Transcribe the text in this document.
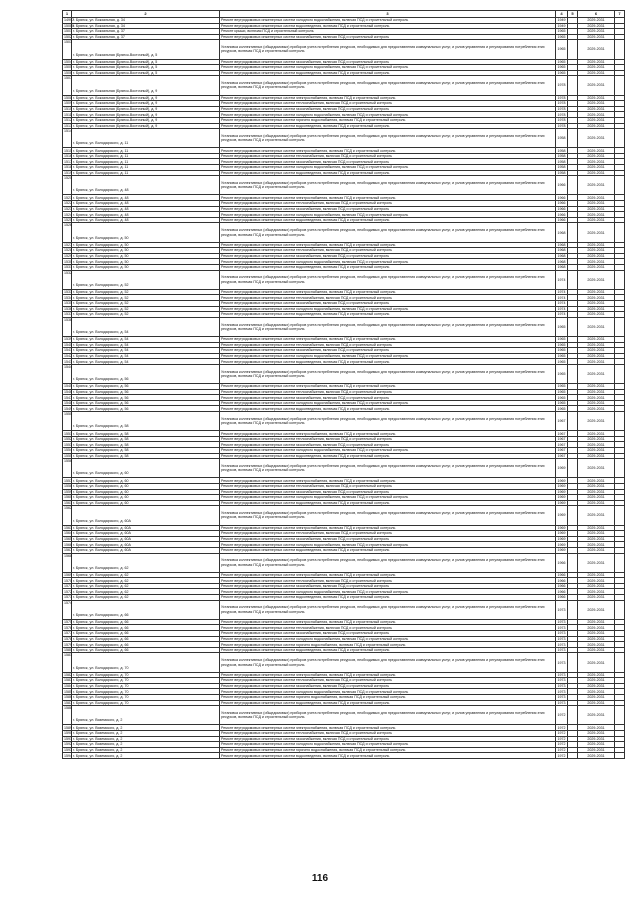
1	2	3	4	5	6	7
14997	г. Брянск, ул. Вокзальная, д. 34	Ремонт внутридомовых инженерных систем холодного водоснабжения, включая ПСД и строительный контроль	1949		2029-2031	
15000	г. Брянск, ул. Вокзальная, д. 34	Ремонт внутридомовых инженерных систем водоотведения, включая ПСД и строительный контроль	1949		2029-2031	
1501	г. Брянск, ул. Вокзальная, д. 37	Ремонт крыши, включая ПСД и строительный контроль	1965		2029-2031	
1502	г. Брянск, ул. Вокзальная, д. 37	Ремонт внутридомовых инженерных систем газоснабжения, включая ПСД и строительный контроль	1965		2029-2031	
1503	г. Брянск, ул. Вокзальная (Брянск-Восточный), д. 5	Установка коллективных (общедомовых) приборов учета потребления ресурсов, необходимых для предоставления коммунальных услуг, и узлов управления и регулирования потребления этих ресурсов, включая ПСД и строительный контроль	1965		2029-2031	
1504	г. Брянск, ул. Вокзальная (Брянск-Восточный), д. 5	Ремонт внутридомовых инженерных систем газоснабжения, включая ПСД и строительный контроль	1965		2029-2031	
1505	г. Брянск, ул. Вокзальная (Брянск-Восточный), д. 5	Ремонт внутридомовых инженерных систем холодного водоснабжения, включая ПСД и строительный контроль	1965		2029-2031	
1506	г. Брянск, ул. Вокзальная (Брянск-Восточный), д. 5	Ремонт внутридомовых инженерных систем водоотведения, включая ПСД и строительный контроль	1965		2029-2031	
1507	г. Брянск, ул. Вокзальная (Брянск-Восточный), д. 9	Установка коллективных (общедомовых) приборов учета потребления ресурсов, необходимых для предоставления коммунальных услуг, и узлов управления и регулирования потребления этих ресурсов, включая ПСД и строительный контроль	1978		2029-2031	
1508	г. Брянск, ул. Вокзальная (Брянск-Восточный), д. 9	Ремонт внутридомовых инженерных систем электроснабжения, включая ПСД и строительный контроль	1978		2029-2031	
1509	г. Брянск, ул. Вокзальная (Брянск-Восточный), д. 9	Ремонт внутридомовых инженерных систем теплоснабжения, включая ПСД и строительный контроль	1978		2029-2031	
1510	г. Брянск, ул. Вокзальная (Брянск-Восточный), д. 9	Ремонт внутридомовых инженерных систем газоснабжения, включая ПСД и строительный контроль	1978		2029-2031	
1511	г. Брянск, ул. Вокзальная (Брянск-Восточный), д. 9	Ремонт внутридомовых инженерных систем холодного водоснабжения, включая ПСД и строительный контроль	1978		2029-2031	
1512	г. Брянск, ул. Вокзальная (Брянск-Восточный), д. 9	Ремонт внутридомовых инженерных систем горячего водоснабжения, включая ПСД и строительный контроль	1978		2029-2031	
1513	г. Брянск, ул. Вокзальная (Брянск-Восточный), д. 9	Ремонт внутридомовых инженерных систем водоотведения, включая ПСД и строительный контроль	1978		2029-2031	
1514	г. Брянск, ул. Володарского, д. 11	Установка коллективных (общедомовых) приборов учета потребления ресурсов, необходимых для предоставления коммунальных услуг, и узлов управления и регулирования потребления этих ресурсов, включая ПСД и строительный контроль	1958		2029-2031	
1515	г. Брянск, ул. Володарского, д. 11	Ремонт внутридомовых инженерных систем электроснабжения, включая ПСД и строительный контроль	1958		2029-2031	
1516	г. Брянск, ул. Володарского, д. 11	Ремонт внутридомовых инженерных систем теплоснабжения, включая ПСД и строительный контроль	1958		2029-2031	
1517	г. Брянск, ул. Володарского, д. 11	Ремонт внутридомовых инженерных систем газоснабжения, включая ПСД и строительный контроль	1958		2029-2031	
1518	г. Брянск, ул. Володарского, д. 11	Ремонт внутридомовых инженерных систем холодного водоснабжения, включая ПСД и строительный контроль	1958		2029-2031	
1519	г. Брянск, ул. Володарского, д. 11	Ремонт внутридомовых инженерных систем водоотведения, включая ПСД и строительный контроль	1958		2029-2031	
1520	г. Брянск, ул. Володарского, д. 48	Установка коллективных (общедомовых) приборов учета потребления ресурсов, необходимых для предоставления коммунальных услуг, и узлов управления и регулирования потребления этих ресурсов, включая ПСД и строительный контроль	1966		2029-2031	
1521	г. Брянск, ул. Володарского, д. 48	Ремонт внутридомовых инженерных систем электроснабжения, включая ПСД и строительный контроль	1966		2029-2031	
1522	г. Брянск, ул. Володарского, д. 48	Ремонт внутридомовых инженерных систем теплоснабжения, включая ПСД и строительный контроль	1966		2029-2031	
1523	г. Брянск, ул. Володарского, д. 48	Ремонт внутридомовых инженерных систем газоснабжения, включая ПСД и строительный контроль	1966		2029-2031	
1524	г. Брянск, ул. Володарского, д. 48	Ремонт внутридомовых инженерных систем холодного водоснабжения, включая ПСД и строительный контроль	1966		2029-2031	
1525	г. Брянск, ул. Володарского, д. 48	Ремонт внутридомовых инженерных систем водоотведения, включая ПСД и строительный контроль	1966		2029-2031	
1526	г. Брянск, ул. Володарского, д. 50	Установка коллективных (общедомовых) приборов учета потребления ресурсов, необходимых для предоставления коммунальных услуг, и узлов управления и регулирования потребления этих ресурсов, включая ПСД и строительный контроль	1968		2029-2031	
1527	г. Брянск, ул. Володарского, д. 50	Ремонт внутридомовых инженерных систем электроснабжения, включая ПСД и строительный контроль	1968		2029-2031	
1528	г. Брянск, ул. Володарского, д. 50	Ремонт внутридомовых инженерных систем теплоснабжения, включая ПСД и строительный контроль	1968		2029-2031	
1529	г. Брянск, ул. Володарского, д. 50	Ремонт внутридомовых инженерных систем газоснабжения, включая ПСД и строительный контроль	1968		2029-2031	
1530	г. Брянск, ул. Володарского, д. 50	Ремонт внутридомовых инженерных систем холодного водоснабжения, включая ПСД и строительный контроль	1968		2029-2031	
1531	г. Брянск, ул. Володарского, д. 50	Ремонт внутридомовых инженерных систем водоотведения, включая ПСД и строительный контроль	1968		2029-2031	
1532	г. Брянск, ул. Володарского, д. 52	Установка коллективных (общедомовых) приборов учета потребления ресурсов, необходимых для предоставления коммунальных услуг, и узлов управления и регулирования потребления этих ресурсов, включая ПСД и строительный контроль	1974		2029-2031	
1533	г. Брянск, ул. Володарского, д. 52	Ремонт внутридомовых инженерных систем электроснабжения, включая ПСД и строительный контроль	1974		2029-2031	
1534	г. Брянск, ул. Володарского, д. 52	Ремонт внутридомовых инженерных систем теплоснабжения, включая ПСД и строительный контроль	1974		2029-2031	
1535	г. Брянск, ул. Володарского, д. 52	Ремонт внутридомовых инженерных систем газоснабжения, включая ПСД и строительный контроль	1974		2029-2031	
1536	г. Брянск, ул. Володарского, д. 52	Ремонт внутридомовых инженерных систем холодного водоснабжения, включая ПСД и строительный контроль	1974		2029-2031	
1537	г. Брянск, ул. Володарского, д. 52	Ремонт внутридомовых инженерных систем водоотведения, включая ПСД и строительный контроль	1974		2029-2031	
1538	г. Брянск, ул. Володарского, д. 54	Установка коллективных (общедомовых) приборов учета потребления ресурсов, необходимых для предоставления коммунальных услуг, и узлов управления и регулирования потребления этих ресурсов, включая ПСД и строительный контроль	1965		2029-2031	
1539	г. Брянск, ул. Володарского, д. 54	Ремонт внутридомовых инженерных систем электроснабжения, включая ПСД и строительный контроль	1965		2029-2031	
1540	г. Брянск, ул. Володарского, д. 54	Ремонт внутридомовых инженерных систем теплоснабжения, включая ПСД и строительный контроль	1965		2029-2031	
1541	г. Брянск, ул. Володарского, д. 54	Ремонт внутридомовых инженерных систем газоснабжения, включая ПСД и строительный контроль	1965		2029-2031	
1542	г. Брянск, ул. Володарского, д. 54	Ремонт внутридомовых инженерных систем холодного водоснабжения, включая ПСД и строительный контроль	1965		2029-2031	
1543	г. Брянск, ул. Володарского, д. 54	Ремонт внутридомовых инженерных систем водоотведения, включая ПСД и строительный контроль	1965		2029-2031	
1544	г. Брянск, ул. Володарского, д. 56	Установка коллективных (общедомовых) приборов учета потребления ресурсов, необходимых для предоставления коммунальных услуг, и узлов управления и регулирования потребления этих ресурсов, включая ПСД и строительный контроль	1965		2029-2031	
1545	г. Брянск, ул. Володарского, д. 56	Ремонт внутридомовых инженерных систем электроснабжения, включая ПСД и строительный контроль	1965		2029-2031	
1546	г. Брянск, ул. Володарского, д. 56	Ремонт внутридомовых инженерных систем теплоснабжения, включая ПСД и строительный контроль	1965		2029-2031	
1547	г. Брянск, ул. Володарского, д. 56	Ремонт внутридомовых инженерных систем газоснабжения, включая ПСД и строительный контроль	1965		2029-2031	
1548	г. Брянск, ул. Володарского, д. 56	Ремонт внутридомовых инженерных систем холодного водоснабжения, включая ПСД и строительный контроль	1965		2029-2031	
1549	г. Брянск, ул. Володарского, д. 56	Ремонт внутридомовых инженерных систем водоотведения, включая ПСД и строительный контроль	1965		2029-2031	
1550	г. Брянск, ул. Володарского, д. 58	Установка коллективных (общедомовых) приборов учета потребления ресурсов, необходимых для предоставления коммунальных услуг, и узлов управления и регулирования потребления этих ресурсов, включая ПСД и строительный контроль	1967		2029-2031	
1551	г. Брянск, ул. Володарского, д. 58	Ремонт внутридомовых инженерных систем электроснабжения, включая ПСД и строительный контроль	1967		2029-2031	
1552	г. Брянск, ул. Володарского, д. 58	Ремонт внутридомовых инженерных систем теплоснабжения, включая ПСД и строительный контроль	1967		2029-2031	
1553	г. Брянск, ул. Володарского, д. 58	Ремонт внутридомовых инженерных систем газоснабжения, включая ПСД и строительный контроль	1967		2029-2031	
1554	г. Брянск, ул. Володарского, д. 58	Ремонт внутридомовых инженерных систем холодного водоснабжения, включая ПСД и строительный контроль	1967		2029-2031	
1555	г. Брянск, ул. Володарского, д. 58	Ремонт внутридомовых инженерных систем водоотведения, включая ПСД и строительный контроль	1967		2029-2031	
1556	г. Брянск, ул. Володарского, д. 60	Установка коллективных (общедомовых) приборов учета потребления ресурсов, необходимых для предоставления коммунальных услуг, и узлов управления и регулирования потребления этих ресурсов, включая ПСД и строительный контроль	1969		2029-2031	
1557	г. Брянск, ул. Володарского, д. 60	Ремонт внутридомовых инженерных систем электроснабжения, включая ПСД и строительный контроль	1969		2029-2031	
1558	г. Брянск, ул. Володарского, д. 60	Ремонт внутридомовых инженерных систем теплоснабжения, включая ПСД и строительный контроль	1969		2029-2031	
1559	г. Брянск, ул. Володарского, д. 60	Ремонт внутридомовых инженерных систем газоснабжения, включая ПСД и строительный контроль	1969		2029-2031	
1560	г. Брянск, ул. Володарского, д. 60	Ремонт внутридомовых инженерных систем холодного водоснабжения, включая ПСД и строительный контроль	1969		2029-2031	
1561	г. Брянск, ул. Володарского, д. 60	Ремонт внутридомовых инженерных систем водоотведения, включая ПСД и строительный контроль	1969		2029-2031	
1562	г. Брянск, ул. Володарского, д. 60А	Установка коллективных (общедомовых) приборов учета потребления ресурсов, необходимых для предоставления коммунальных услуг, и узлов управления и регулирования потребления этих ресурсов, включая ПСД и строительный контроль	1969		2029-2031	
1563	г. Брянск, ул. Володарского, д. 60А	Ремонт внутридомовых инженерных систем электроснабжения, включая ПСД и строительный контроль	1969		2029-2031	
1564	г. Брянск, ул. Володарского, д. 60А	Ремонт внутридомовых инженерных систем теплоснабжения, включая ПСД и строительный контроль	1969		2029-2031	
1565	г. Брянск, ул. Володарского, д. 60А	Ремонт внутридомовых инженерных систем газоснабжения, включая ПСД и строительный контроль	1969		2029-2031	
1566	г. Брянск, ул. Володарского, д. 60А	Ремонт внутридомовых инженерных систем холодного водоснабжения, включая ПСД и строительный контроль	1969		2029-2031	
1567	г. Брянск, ул. Володарского, д. 60А	Ремонт внутридомовых инженерных систем водоотведения, включая ПСД и строительный контроль	1969		2029-2031	
1568	г. Брянск, ул. Володарского, д. 62	Установка коллективных (общедомовых) приборов учета потребления ресурсов, необходимых для предоставления коммунальных услуг, и узлов управления и регулирования потребления этих ресурсов, включая ПСД и строительный контроль	1966		2029-2031	
1569	г. Брянск, ул. Володарского, д. 62	Ремонт внутридомовых инженерных систем электроснабжения, включая ПСД и строительный контроль	1966		2029-2031	
1570	г. Брянск, ул. Володарского, д. 62	Ремонт внутридомовых инженерных систем теплоснабжения, включая ПСД и строительный контроль	1966		2029-2031	
1571	г. Брянск, ул. Володарского, д. 62	Ремонт внутридомовых инженерных систем газоснабжения, включая ПСД и строительный контроль	1966		2029-2031	
1572	г. Брянск, ул. Володарского, д. 62	Ремонт внутридомовых инженерных систем холодного водоснабжения, включая ПСД и строительный контроль	1966		2029-2031	
1573	г. Брянск, ул. Володарского, д. 62	Ремонт внутридомовых инженерных систем водоотведения, включая ПСД и строительный контроль	1966		2029-2031	
1574	г. Брянск, ул. Володарского, д. 66	Установка коллективных (общедомовых) приборов учета потребления ресурсов, необходимых для предоставления коммунальных услуг, и узлов управления и регулирования потребления этих ресурсов, включая ПСД и строительный контроль	1973		2029-2031	
1575	г. Брянск, ул. Володарского, д. 66	Ремонт внутридомовых инженерных систем электроснабжения, включая ПСД и строительный контроль	1973		2029-2031	
1576	г. Брянск, ул. Володарского, д. 66	Ремонт внутридомовых инженерных систем теплоснабжения, включая ПСД и строительный контроль	1973		2029-2031	
1577	г. Брянск, ул. Володарского, д. 66	Ремонт внутридомовых инженерных систем газоснабжения, включая ПСД и строительный контроль	1973		2029-2031	
1578	г. Брянск, ул. Володарского, д. 66	Ремонт внутридомовых инженерных систем холодного водоснабжения, включая ПСД и строительный контроль	1973		2029-2031	
1579	г. Брянск, ул. Володарского, д. 66	Ремонт внутридомовых инженерных систем горячего водоснабжения, включая ПСД и строительный контроль	1973		2029-2031	
1580	г. Брянск, ул. Володарского, д. 66	Ремонт внутридомовых инженерных систем водоотведения, включая ПСД и строительный контроль	1973		2029-2031	
1581	г. Брянск, ул. Володарского, д. 70	Установка коллективных (общедомовых) приборов учета потребления ресурсов, необходимых для предоставления коммунальных услуг, и узлов управления и регулирования потребления этих ресурсов, включая ПСД и строительный контроль	1973		2029-2031	
1582	г. Брянск, ул. Володарского, д. 70	Ремонт внутридомовых инженерных систем электроснабжения, включая ПСД и строительный контроль	1973		2029-2031	
1583	г. Брянск, ул. Володарского, д. 70	Ремонт внутридомовых инженерных систем теплоснабжения, включая ПСД и строительный контроль	1973		2029-2031	
1584	г. Брянск, ул. Володарского, д. 70	Ремонт внутридомовых инженерных систем газоснабжения, включая ПСД и строительный контроль	1973		2029-2031	
1585	г. Брянск, ул. Володарского, д. 70	Ремонт внутридомовых инженерных систем холодного водоснабжения, включая ПСД и строительный контроль	1973		2029-2031	
1586	г. Брянск, ул. Володарского, д. 70	Ремонт внутридомовых инженерных систем горячего водоснабжения, включая ПСД и строительный контроль	1973		2029-2031	
1587	г. Брянск, ул. Володарского, д. 70	Ремонт внутридомовых инженерных систем водоотведения, включая ПСД и строительный контроль	1973		2029-2031	
1588	г. Брянск, ул. Вяземского, д. 2	Установка коллективных (общедомовых) приборов учета потребления ресурсов, необходимых для предоставления коммунальных услуг, и узлов управления и регулирования потребления этих ресурсов, включая ПСД и строительный контроль	1972		2029-2031	
1589	г. Брянск, ул. Вяземского, д. 2	Ремонт внутридомовых инженерных систем электроснабжения, включая ПСД и строительный контроль	1972		2029-2031	
1590	г. Брянск, ул. Вяземского, д. 2	Ремонт внутридомовых инженерных систем теплоснабжения, включая ПСД и строительный контроль	1972		2029-2031	
1591	г. Брянск, ул. Вяземского, д. 2	Ремонт внутридомовых инженерных систем газоснабжения, включая ПСД и строительный контроль	1972		2029-2031	
1592	г. Брянск, ул. Вяземского, д. 2	Ремонт внутридомовых инженерных систем холодного водоснабжения, включая ПСД и строительный контроль	1972		2029-2031	
1593	г. Брянск, ул. Вяземского, д. 2	Ремонт внутридомовых инженерных систем горячего водоснабжения, включая ПСД и строительный контроль	1972		2029-2031	
1594	г. Брянск, ул. Вяземского, д. 2	Ремонт внутридомовых инженерных систем водоотведения, включая ПСД и строительный контроль	1972		2029-2031	
116
